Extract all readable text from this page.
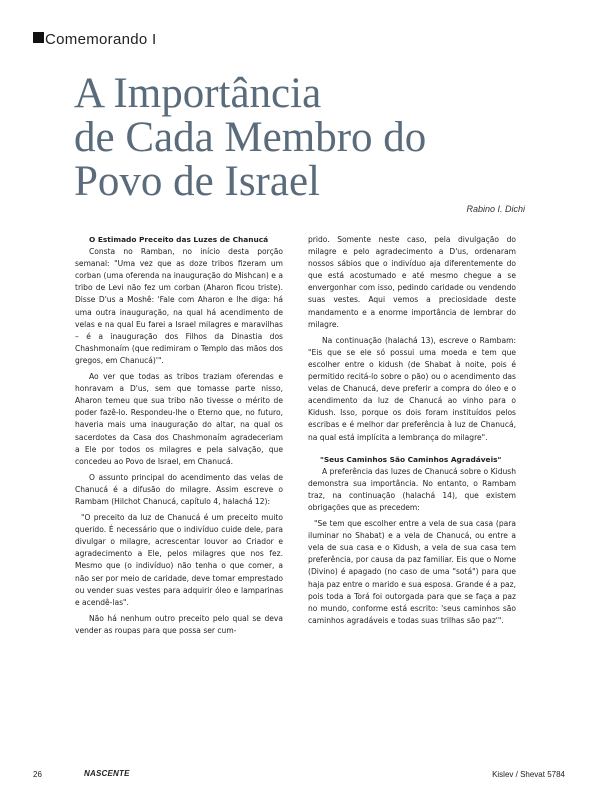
Comemorando I
A Importância
de Cada Membro do
Povo de Israel
Rabino I. Dichi

O Estimado Preceito das Luzes de Chanucá

Consta no Ramban, no início desta porção semanal: "Uma vez que as doze tribos fizeram um corban (uma oferenda na inauguração do Mishcan) e a tribo de Levi não fez um corban (Aharon ficou triste). Disse D'us a Moshê: 'Fale com Aharon e lhe diga: há uma outra inauguração, na qual há acendimento de velas e na qual Eu farei a Israel milagres e maravilhas – é a inauguração dos Filhos da Dinastia dos Chashmonaím (que redimiram o Templo das mãos dos gregos, em Chanucá)'".

Ao ver que todas as tribos traziam oferendas e honravam a D'us, sem que tomasse parte nisso, Aharon temeu que sua tribo não tivesse o mérito de poder fazê-lo. Respondeu-lhe o Eterno que, no futuro, haveria mais uma inauguração do altar, na qual os sacerdotes da Casa dos Chashmonaím agradeceriam a Ele por todos os milagres e pela salvação, que concedeu ao Povo de Israel, em Chanucá.

O assunto principal do acendimento das velas de Chanucá é a difusão do milagre. Assim escreve o Rambam (Hilchot Chanucá, capítulo 4, halachá 12):

"O preceito da luz de Chanucá é um preceito muito querido. É necessário que o indivíduo cuide dele, para divulgar o milagre, acrescentar louvor ao Criador e agradecimento a Ele, pelos milagres que nos fez. Mesmo que (o indivíduo) não tenha o que comer, a não ser por meio de caridade, deve tomar emprestado ou vender suas vestes para adquirir óleo e lamparinas e acendê-las".

Não há nenhum outro preceito pelo qual se deva vender as roupas para que possa ser cum-

prido. Somente neste caso, pela divulgação do milagre e pelo agradecimento a D'us, ordenaram nossos sábios que o indivíduo aja diferentemente do que está acostumado e até mesmo chegue a se envergonhar com isso, pedindo caridade ou vendendo suas vestes. Aqui vemos a preciosidade deste mandamento e a enorme importância de lembrar do milagre.

Na continuação (halachá 13), escreve o Rambam: "Eis que se ele só possui uma moeda e tem que escolher entre o kidush (de Shabat à noite, pois é permitido recitá-lo sobre o pão) ou o acendimento das velas de Chanucá, deve preferir a compra do óleo e o acendimento da luz de Chanucá ao vinho para o Kidush. Isso, porque os dois foram instituídos pelos escribas e é melhor dar preferência à luz de Chanucá, na qual está implícita a lembrança do milagre".

"Seus Caminhos São Caminhos Agradáveis"

A preferência das luzes de Chanucá sobre o Kidush demonstra sua importância. No entanto, o Rambam traz, na continuação (halachá 14), que existem obrigações que as precedem:

"Se tem que escolher entre a vela de sua casa (para iluminar no Shabat) e a vela de Chanucá, ou entre a vela de sua casa e o Kidush, a vela de sua casa tem preferência, por causa da paz familiar. Eis que o Nome (Divino) é apagado (no caso de uma "sotá") para que haja paz entre o marido e sua esposa. Grande é a paz, pois toda a Torá foi outorgada para que se faça a paz no mundo, conforme está escrito: 'seus caminhos são caminhos agradáveis e todas suas trilhas são paz'".

26	NASCENTE	Kislev / Shevat 5784
